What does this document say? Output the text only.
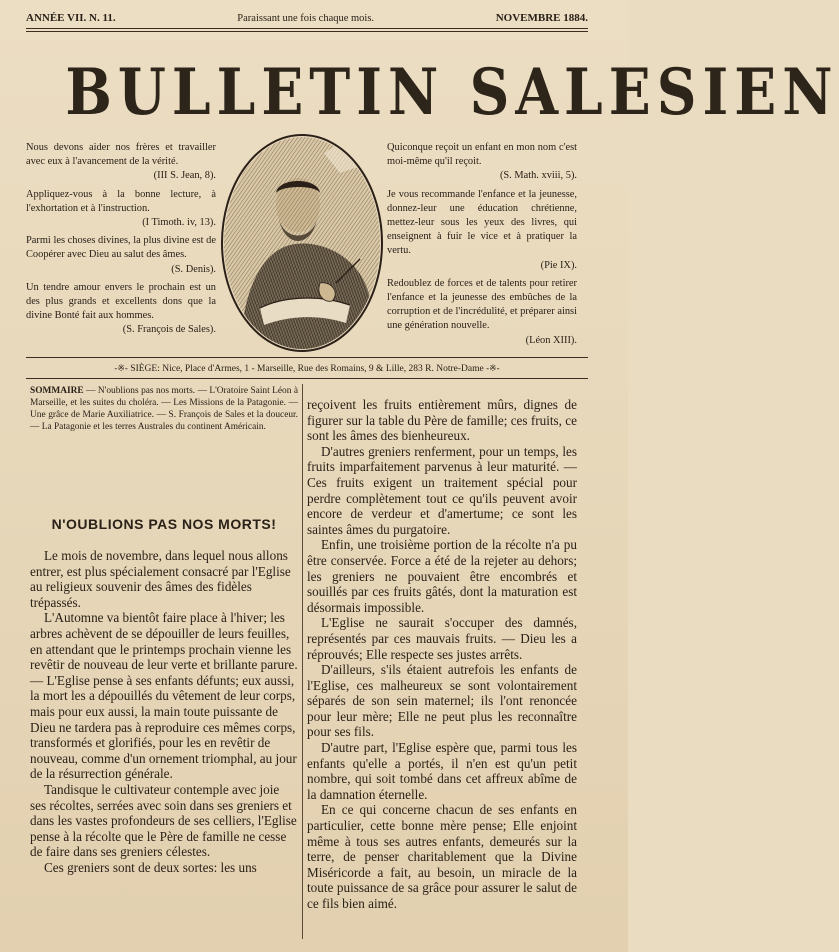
ANNÉE VII. N. 11.	Paraissant une fois chaque mois.	NOVEMBRE 1884.
BULLETIN SALESIEN

Nous devons aider nos frères et travailler avec eux à l'avancement de la vérité.
(III S. Jean, 8).

Appliquez-vous à la bonne lecture, à l'exhortation et à l'instruction.
(I Timoth. iv, 13).

Parmi les choses divines, la plus divine est de Coopérer avec Dieu au salut des âmes.
(S. Denis).

Un tendre amour envers le prochain est un des plus grands et excellents dons que la divine Bonté fait aux hommes.
(S. François de Sales).

Quiconque reçoit un enfant en mon nom c'est moi-même qu'il reçoit.
(S. Math. xviii, 5).

Je vous recommande l'enfance et la jeunesse, donnez-leur une éducation chrétienne, mettez-leur sous les yeux des livres, qui enseignent à fuir le vice et à pratiquer la vertu.
(Pie IX).

Redoublez de forces et de talents pour retirer l'enfance et la jeunesse des embûches de la corruption et de l'incrédulité, et préparer ainsi une génération nouvelle.
(Léon XIII).

-※- SIÈGE: Nice, Place d'Armes, 1 - Marseille, Rue des Romains, 9 & Lille, 283 R. Notre-Dame -※-

SOMMAIRE — N'oublions pas nos morts. — L'Oratoire Saint Léon à Marseille, et les suites du choléra. — Les Missions de la Patagonie. — Une grâce de Marie Auxiliatrice. — S. François de Sales et la douceur. — La Patagonie et les terres Australes du continent Américain.

N'OUBLIONS PAS NOS MORTS!

Le mois de novembre, dans lequel nous allons entrer, est plus spécialement consacré par l'Eglise au religieux souvenir des âmes des fidèles trépassés.

L'Automne va bientôt faire place à l'hiver; les arbres achèvent de se dépouiller de leurs feuilles, en attendant que le printemps prochain vienne les revêtir de nouveau de leur verte et brillante parure. — L'Eglise pense à ses enfants défunts; eux aussi, la mort les a dépouillés du vêtement de leur corps, mais pour eux aussi, la main toute puissante de Dieu ne tardera pas à reproduire ces mêmes corps, transformés et glorifiés, pour les en revêtir de nouveau, comme d'un ornement triomphal, au jour de la résurrection générale.

Tandisque le cultivateur contemple avec joie ses récoltes, serrées avec soin dans ses greniers et dans les vastes profondeurs de ses celliers, l'Eglise pense à la récolte que le Père de famille ne cesse de faire dans ses greniers célestes.

Ces greniers sont de deux sortes: les uns

reçoivent les fruits entièrement mûrs, dignes de figurer sur la table du Père de famille; ces fruits, ce sont les âmes des bienheureux.

D'autres greniers renferment, pour un temps, les fruits imparfaitement parvenus à leur maturité. — Ces fruits exigent un traitement spécial pour perdre complètement tout ce qu'ils peuvent avoir encore de verdeur et d'amertume; ce sont les saintes âmes du purgatoire.

Enfin, une troisième portion de la récolte n'a pu être conservée. Force a été de la rejeter au dehors; les greniers ne pouvaient être encombrés et souillés par ces fruits gâtés, dont la maturation est désormais impossible.

L'Eglise ne saurait s'occuper des damnés, représentés par ces mauvais fruits. — Dieu les a réprouvés; Elle respecte ses justes arrêts.

D'ailleurs, s'ils étaient autrefois les enfants de l'Eglise, ces malheureux se sont volontairement séparés de son sein maternel; ils l'ont renoncée pour leur mère; Elle ne peut plus les reconnaître pour ses fils.

D'autre part, l'Eglise espère que, parmi tous les enfants qu'elle a portés, il n'en est qu'un petit nombre, qui soit tombé dans cet affreux abîme de la damnation éternelle.

En ce qui concerne chacun de ses enfants en particulier, cette bonne mère pense; Elle enjoint même à tous ses autres enfants, demeurés sur la terre, de penser charitablement que la Divine Miséricorde a fait, au besoin, un miracle de la toute puissance de sa grâce pour assurer le salut de ce fils bien aimé.
